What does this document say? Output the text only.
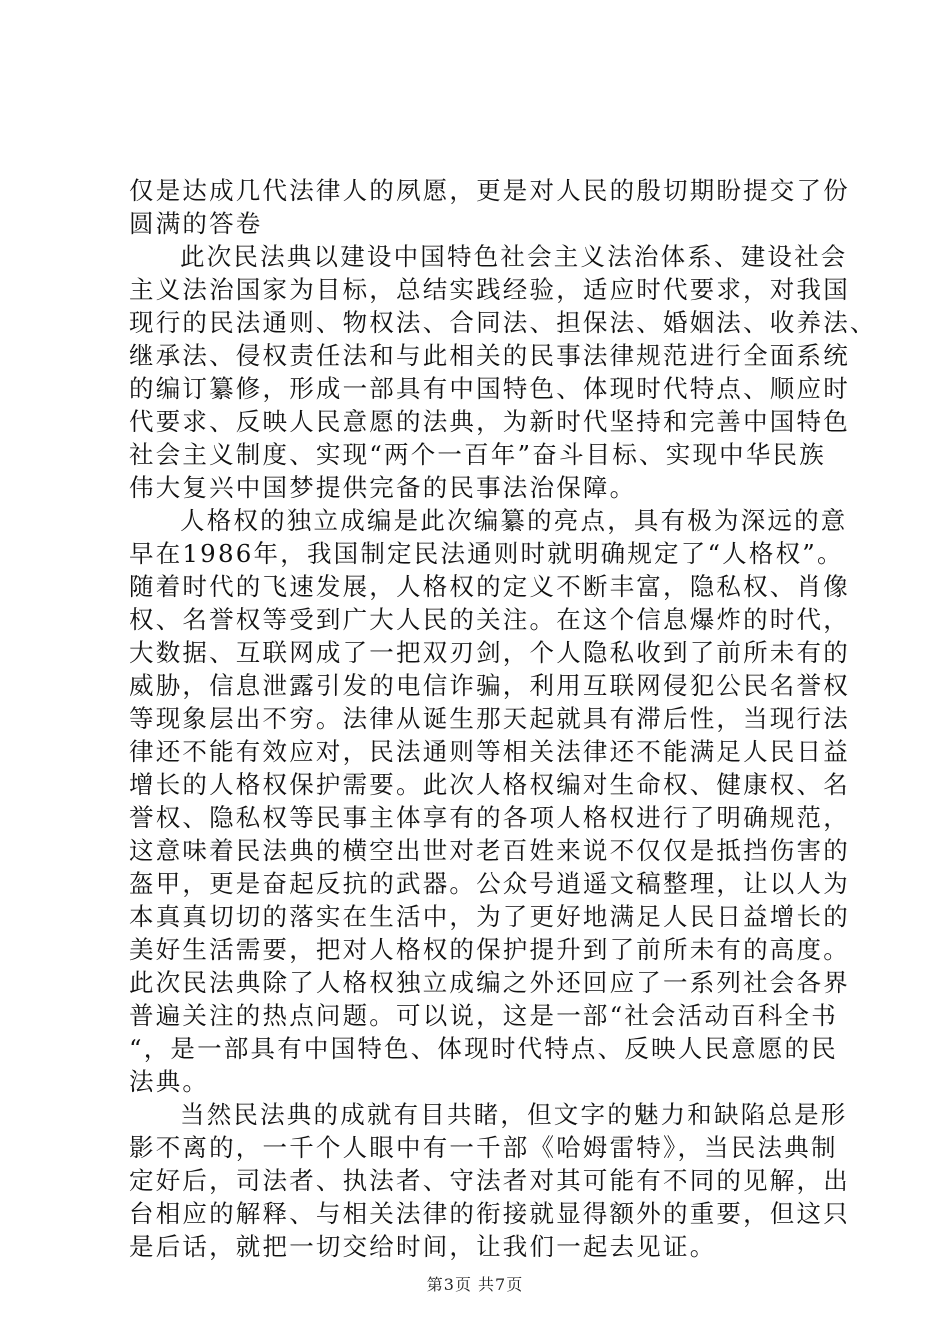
仅是达成几代法律人的夙愿，更是对人民的殷切期盼提交了份
圆满的答卷
此次民法典以建设中国特色社会主义法治体系、建设社会
主义法治国家为目标，总结实践经验，适应时代要求，对我国
现行的民法通则、物权法、合同法、担保法、婚姻法、收养法、
继承法、侵权责任法和与此相关的民事法律规范进行全面系统
的编订纂修，形成一部具有中国特色、体现时代特点、顺应时
代要求、反映人民意愿的法典，为新时代坚持和完善中国特色
社会主义制度、实现“两个一百年”奋斗目标、实现中华民族
伟大复兴中国梦提供完备的民事法治保障。
人格权的独立成编是此次编纂的亮点，具有极为深远的意
早在1986年，我国制定民法通则时就明确规定了“人格权”。
随着时代的飞速发展，人格权的定义不断丰富，隐私权、肖像
权、名誉权等受到广大人民的关注。在这个信息爆炸的时代，
大数据、互联网成了一把双刃剑，个人隐私收到了前所未有的
威胁，信息泄露引发的电信诈骗，利用互联网侵犯公民名誉权
等现象层出不穷。法律从诞生那天起就具有滞后性，当现行法
律还不能有效应对，民法通则等相关法律还不能满足人民日益
增长的人格权保护需要。此次人格权编对生命权、健康权、名
誉权、隐私权等民事主体享有的各项人格权进行了明确规范，
这意味着民法典的横空出世对老百姓来说不仅仅是抵挡伤害的
盔甲，更是奋起反抗的武器。公众号逍遥文稿整理，让以人为
本真真切切的落实在生活中，为了更好地满足人民日益增长的
美好生活需要，把对人格权的保护提升到了前所未有的高度。
此次民法典除了人格权独立成编之外还回应了一系列社会各界
普遍关注的热点问题。可以说，这是一部“社会活动百科全书
“，是一部具有中国特色、体现时代特点、反映人民意愿的民
法典。
当然民法典的成就有目共睹，但文字的魅力和缺陷总是形
影不离的，一千个人眼中有一千部《哈姆雷特》，当民法典制
定好后，司法者、执法者、守法者对其可能有不同的见解，出
台相应的解释、与相关法律的衔接就显得额外的重要，但这只
是后话，就把一切交给时间，让我们一起去见证。
第3页 共7页
